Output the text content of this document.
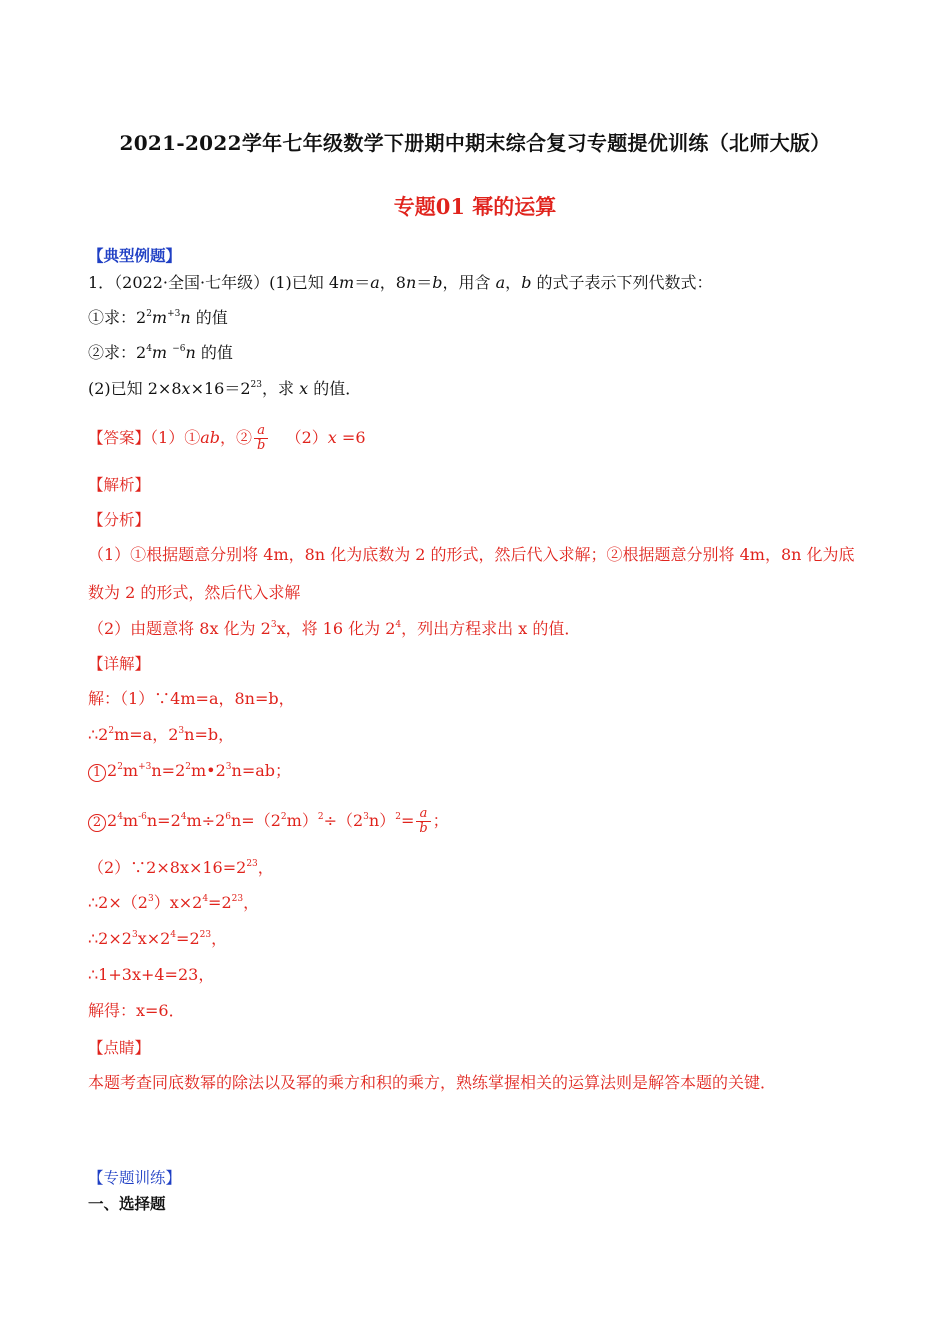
2021-2022学年七年级数学下册期中期末综合复习专题提优训练（北师大版）
专题01 幂的运算
【典型例题】
1．（2022·全国·七年级）(1)已知 4m＝a，8n＝b，用含 a，b 的式子表示下列代数式：
①求：$2^2m^{+3}n$ 的值
②求：$2^4m$ $^{-6}$n 的值
(2)已知 $2\times 8x\times 16=2^{23}$，求 x 的值．
【答案】（1）①ab，② $\frac{a}{b} (2)x =6$
【解析】
【分析】
（1）①根据题意分别将 4m，8n 化为底数为 2 的形式，然后代入求解；②根据题意分别将 4m，8n 化为底
数为 2 的形式，然后代入求解
（2）由题意将 8x 化为 $2^3x$，将 16 化为 $2^4$，列出方程求出 x 的值．
【详解】
解：（1）∵4m=a，8n=b，
$\therefore 2^2m=a$，$2^3n=b$，
1 $2^2m^{+3}n=2^2m•2^3n=ab$；
2 $2^4m^{-6}n=2^4m\div 2^6n=(2^2m)^2\div(2^3n)^2= \frac{a}{b}$ ；
$(2)\because 2\times 8x\times 16=2^{23}$，
$\therefore 2\times(2^3)x\times 2^4=2^{23}$，
$\therefore 2\times 2^3x\times 2^4=2^{23}$，
∴1+3x+4=23，
解得：x=6．
【点睛】
本题考查同底数幂的除法以及幂的乘方和积的乘方，熟练掌握相关的运算法则是解答本题的关键．
【专题训练】
一、选择题
